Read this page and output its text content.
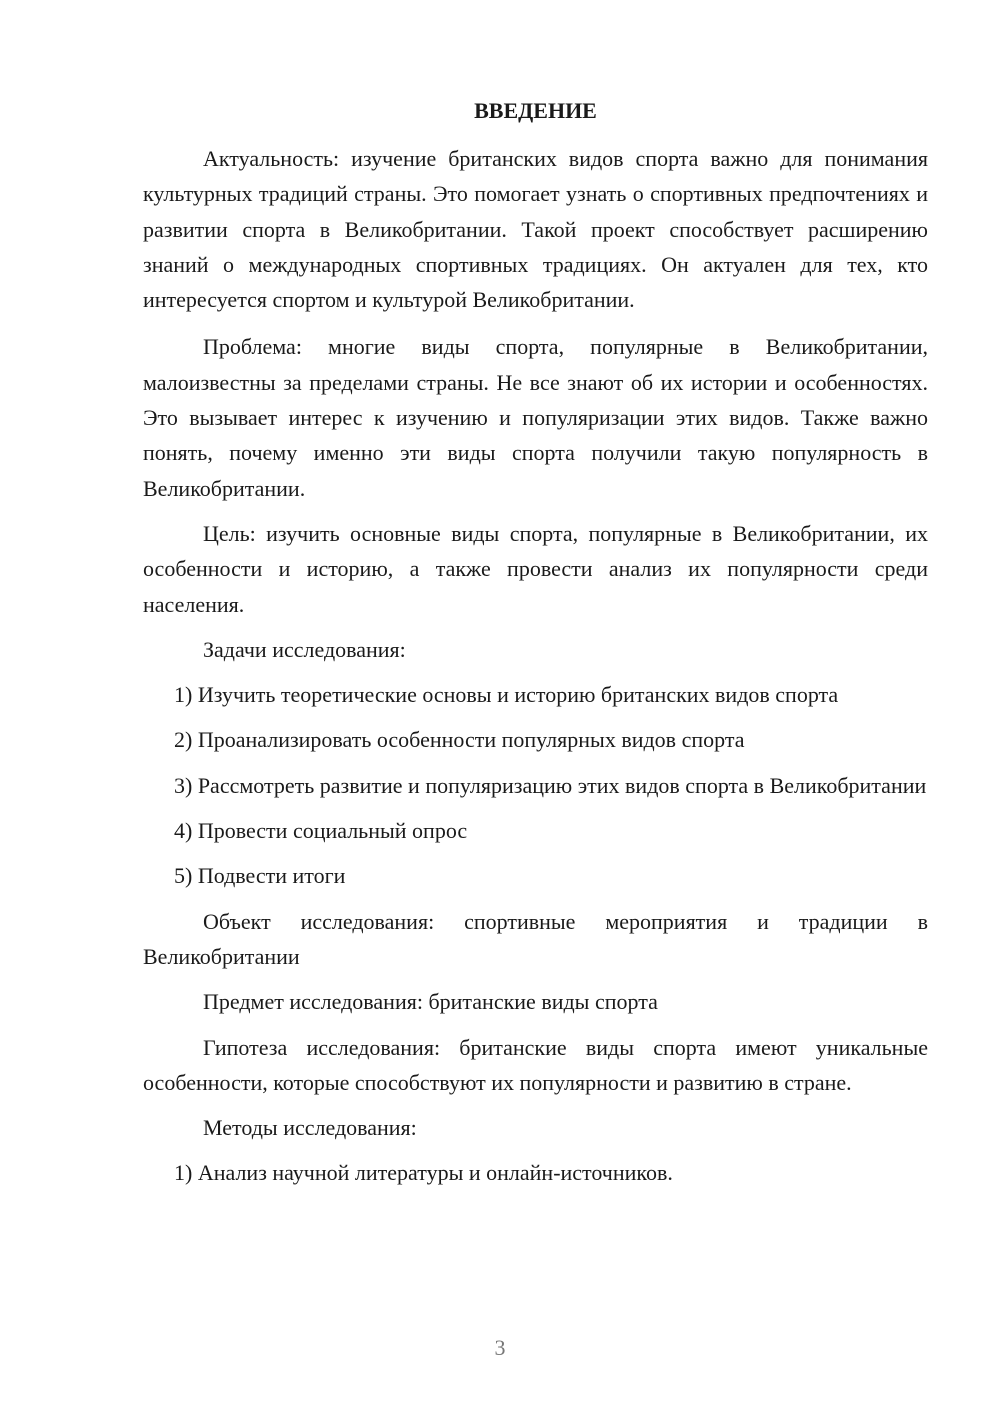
ВВЕДЕНИЕ

Актуальность: изучение британских видов спорта важно для понимания культурных традиций страны. Это помогает узнать о спортивных предпочтениях и развитии спорта в Великобритании. Такой проект способствует расширению знаний о международных спортивных традициях. Он актуален для тех, кто интересуется спортом и культурой Великобритании.

Проблема: многие виды спорта, популярные в Великобритании, малоизвестны за пределами страны. Не все знают об их истории и особенностях. Это вызывает интерес к изучению и популяризации этих видов. Также важно понять, почему именно эти виды спорта получили такую популярность в Великобритании.

Цель: изучить основные виды спорта, популярные в Великобритании, их особенности и историю, а также провести анализ их популярности среди населения.

Задачи исследования:

1) Изучить теоретические основы и историю британских видов спорта

2) Проанализировать особенности популярных видов спорта

3) Рассмотреть развитие и популяризацию этих видов спорта в Великобритании

4) Провести социальный опрос

5) Подвести итоги

Объект исследования: спортивные мероприятия и традиции в Великобритании

Предмет исследования: британские виды спорта

Гипотеза исследования: британские виды спорта имеют уникальные особенности, которые способствуют их популярности и развитию в стране.

Методы исследования:

1) Анализ научной литературы и онлайн-источников.

3
